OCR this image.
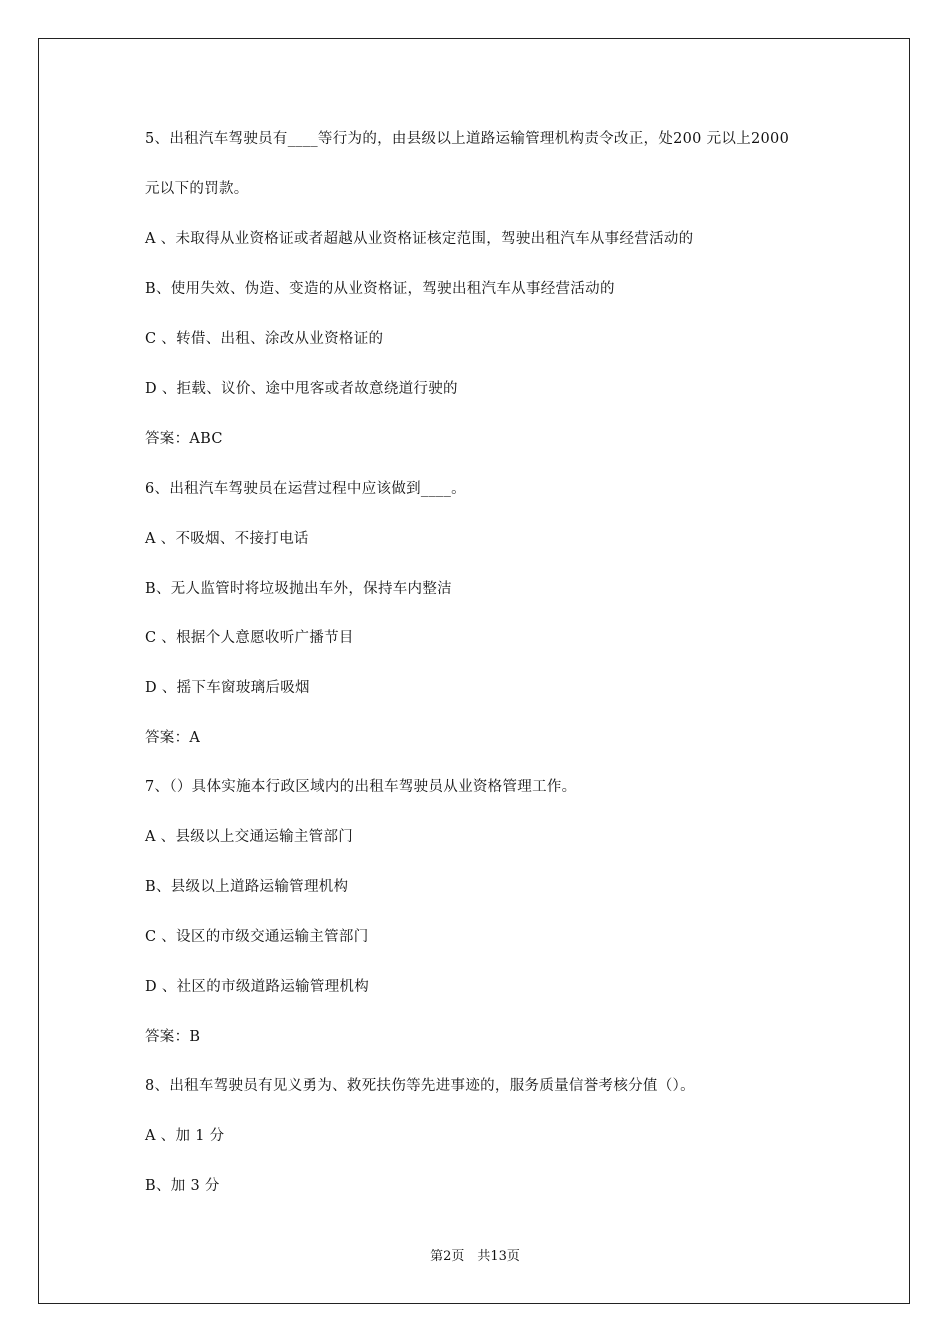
5、出租汽车驾驶员有____等行为的，由县级以上道路运输管理机构责令改正，处200 元以上2000
元以下的罚款。
A 、未取得从业资格证或者超越从业资格证核定范围，驾驶出租汽车从事经营活动的
B、使用失效、伪造、变造的从业资格证，驾驶出租汽车从事经营活动的
C 、转借、出租、涂改从业资格证的
D 、拒载、议价、途中甩客或者故意绕道行驶的
答案：ABC
6、出租汽车驾驶员在运营过程中应该做到____。
A 、不吸烟、不接打电话
B、无人监管时将垃圾抛出车外，保持车内整洁
C 、根据个人意愿收听广播节目
D 、摇下车窗玻璃后吸烟
答案：A
7、（）具体实施本行政区域内的出租车驾驶员从业资格管理工作。
A 、县级以上交通运输主管部门
B、县级以上道路运输管理机构
C 、设区的市级交通运输主管部门
D 、社区的市级道路运输管理机构
答案：B
8、出租车驾驶员有见义勇为、救死扶伤等先进事迹的，服务质量信誉考核分值（）。
A 、加 1 分
B、加 3 分
第2页　共13页
